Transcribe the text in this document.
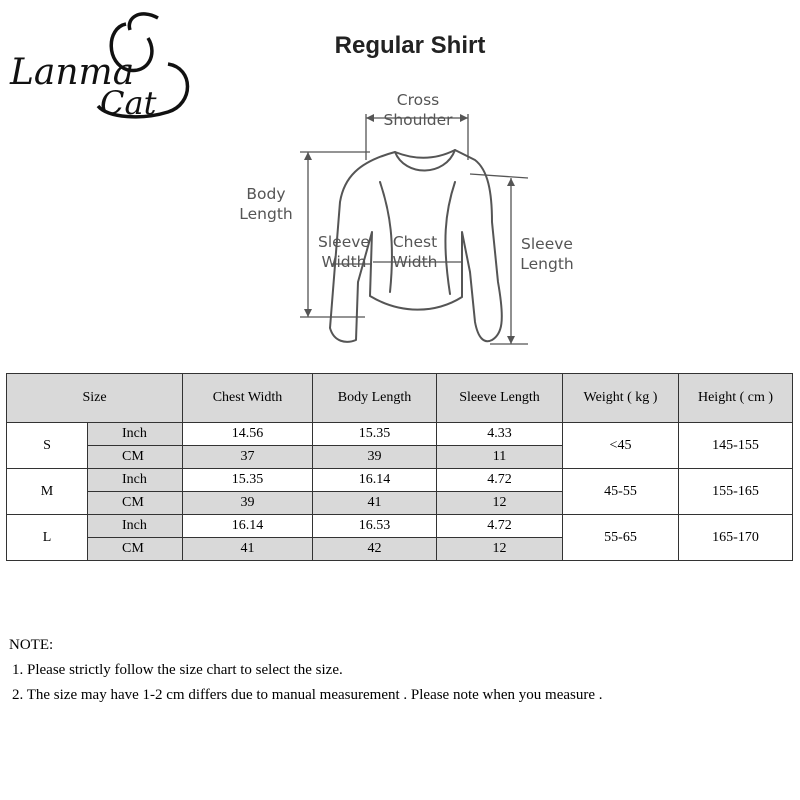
Lanma
Cat
Regular Shirt
Cross
Shoulder
Body
Length
Sleeve
Width
Chest
Width
Sleeve
Length
Size		Chest Width	Body Length	Sleeve Length	Weight ( kg )	Height ( cm )
S	Inch	14.56	15.35	4.33	<45	145-155
	CM	37	39	11		
M	Inch	15.35	16.14	4.72	45-55	155-165
	CM	39	41	12		
L	Inch	16.14	16.53	4.72	55-65	165-170
	CM	41	42	12		
NOTE:
1. Please strictly follow the size chart to select the size.
2. The size may have 1-2 cm differs due to manual measurement . Please note when you measure .
